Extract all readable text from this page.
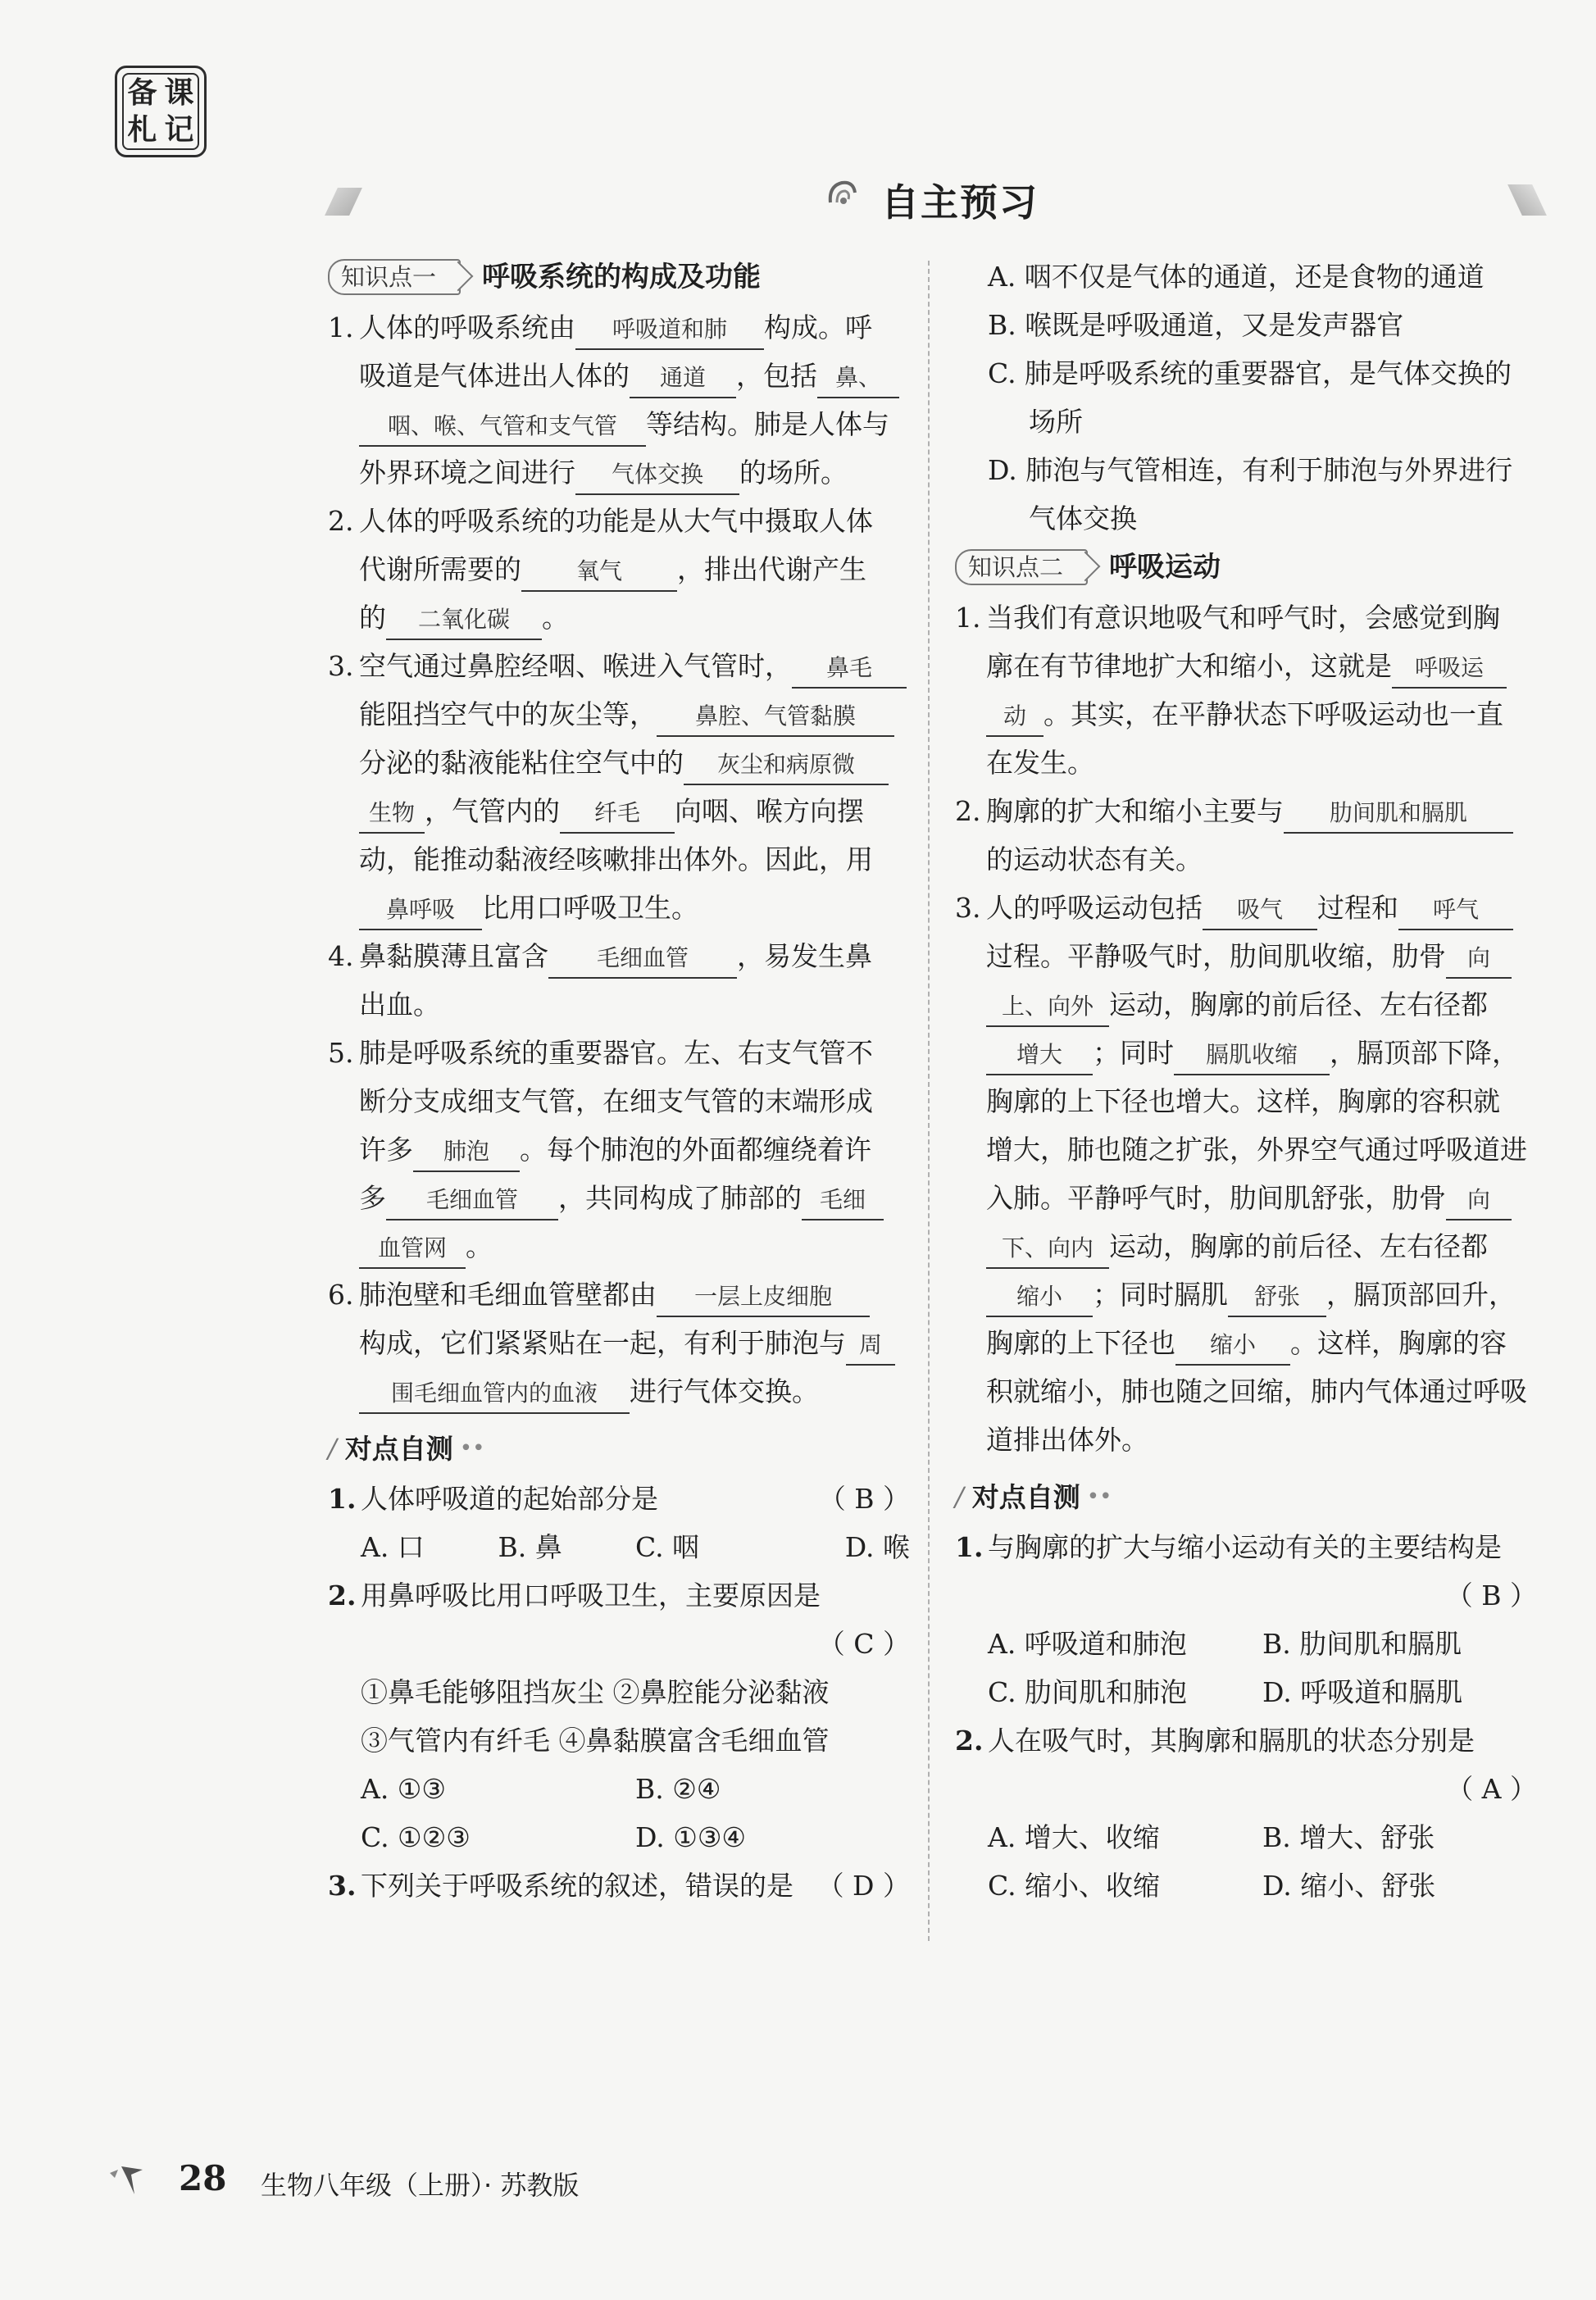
备 课
札 记
自主预习
知识点一	呼吸系统的构成及功能
1. 人体的呼吸系统由 呼吸道和肺 构成。呼
吸道是气体进出人体的 通道 ，包括 鼻、
咽、喉、气管和支气管 等结构。肺是人体与
外界环境之间进行 气体交换 的场所。
2. 人体的呼吸系统的功能是从大气中摄取人体
代谢所需要的 氧气 ，排出代谢产生
的 二氧化碳 。
3. 空气通过鼻腔经咽、喉进入气管时， 鼻毛
能阻挡空气中的灰尘等， 鼻腔、气管黏膜
分泌的黏液能粘住空气中的 灰尘和病原微
生物 ，气管内的 纤毛 向咽、喉方向摆
动，能推动黏液经咳嗽排出体外。因此，用
鼻呼吸 比用口呼吸卫生。
4. 鼻黏膜薄且富含 毛细血管 ，易发生鼻
出血。
5. 肺是呼吸系统的重要器官。左、右支气管不
断分支成细支气管，在细支气管的末端形成
许多 肺泡 。每个肺泡的外面都缠绕着许
多 毛细血管 ，共同构成了肺部的 毛细
血管网 。
6. 肺泡壁和毛细血管壁都由 一层上皮细胞
构成，它们紧紧贴在一起，有利于肺泡与 周
围毛细血管内的血液 进行气体交换。
∕ 对点自测 ••
1. 人体呼吸道的起始部分是	（ B ）
A. 口	B. 鼻	C. 咽	D. 喉
2. 用鼻呼吸比用口呼吸卫生，主要原因是
（ C ）
①鼻毛能够阻挡灰尘 ②鼻腔能分泌黏液
③气管内有纤毛 ④鼻黏膜富含毛细血管
A. ①③	B. ②④
C. ①②③	D. ①③④
3. 下列关于呼吸系统的叙述，错误的是 （ D ）
A. 咽不仅是气体的通道，还是食物的通道
B. 喉既是呼吸通道，又是发声器官
C. 肺是呼吸系统的重要器官，是气体交换的
场所
D. 肺泡与气管相连，有利于肺泡与外界进行
气体交换
知识点二	呼吸运动
1. 当我们有意识地吸气和呼气时，会感觉到胸
廓在有节律地扩大和缩小，这就是 呼吸运
动 。其实，在平静状态下呼吸运动也一直
在发生。
2. 胸廓的扩大和缩小主要与 肋间肌和膈肌
的运动状态有关。
3. 人的呼吸运动包括 吸气 过程和 呼气
过程。平静吸气时，肋间肌收缩，肋骨 向
上、向外 运动，胸廓的前后径、左右径都
增大 ；同时 膈肌收缩 ，膈顶部下降，
胸廓的上下径也增大。这样，胸廓的容积就
增大，肺也随之扩张，外界空气通过呼吸道进
入肺。平静呼气时，肋间肌舒张，肋骨 向
下、向内 运动，胸廓的前后径、左右径都
缩小 ；同时膈肌 舒张 ，膈顶部回升，
胸廓的上下径也 缩小 。这样，胸廓的容
积就缩小，肺也随之回缩，肺内气体通过呼吸
道排出体外。
∕ 对点自测 ••
1. 与胸廓的扩大与缩小运动有关的主要结构是
（ B ）
A. 呼吸道和肺泡	B. 肋间肌和膈肌
C. 肋间肌和肺泡	D. 呼吸道和膈肌
2. 人在吸气时，其胸廓和膈肌的状态分别是
（ A ）
A. 增大、收缩	B. 增大、舒张
C. 缩小、收缩	D. 缩小、舒张
28 生物八年级（上册）· 苏教版
